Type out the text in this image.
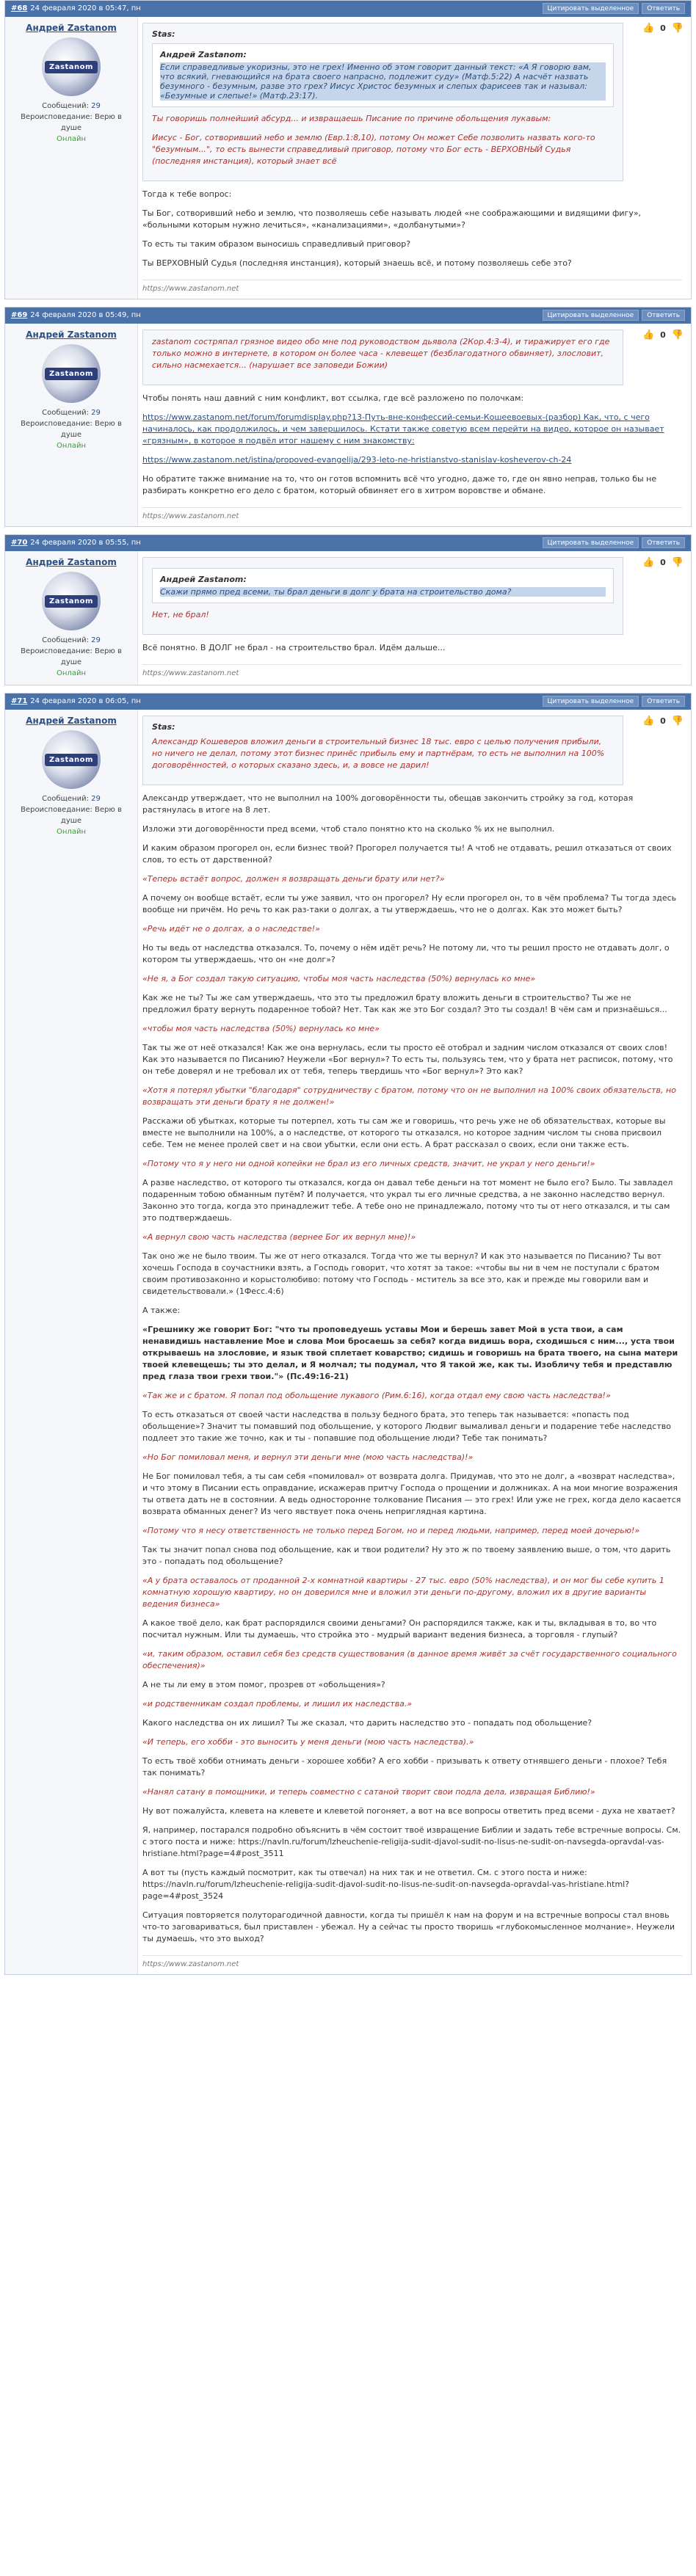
#68 24 февраля 2020 в 05:47, пн	Цитировать выделенное	Ответить
Андрей Zastanom
Zastanom
Сообщений: 29
Вероисповедание: Верю в душе
Онлайн
👍 0 👎
Stas:
Андрей Zastanom:
Если справедливые укоризны, это не грех! Именно об этом говорит данный текст: «А Я говорю вам, что всякий, гневающийся на брата своего напрасно, подлежит суду» (Матф.5:22) А насчёт назвать безумного - безумным, разве это грех? Иисус Христос безумных и слепых фарисеев так и называл: «Безумные и слепые!» (Матф.23:17).

Ты говоришь полнейший абсурд... и извращаешь Писание по причине обольщения лукавым:

Иисус - Бог, сотворивший небо и землю (Евр.1:8,10), потому Он может Себе позволить назвать кого-то "безумным...", то есть вынести справедливый приговор, потому что Бог есть - ВЕРХОВНЫЙ Судья (последняя инстанция), который знает всё

Тогда к тебе вопрос:

Ты Бог, сотворивший небо и землю, что позволяешь себе называть людей «не соображающими и видящими фигу», «больными которым нужно лечиться», «канализациями», «долбанутыми»?

То есть ты таким образом выносишь справедливый приговор?

Ты ВЕРХОВНЫЙ Судья (последняя инстанция), который знаешь всё, и потому позволяешь себе это?

https://www.zastanom.net
#69 24 февраля 2020 в 05:49, пн	Цитировать выделенное	Ответить
Андрей Zastanom
Zastanom
Сообщений: 29
Вероисповедание: Верю в душе
Онлайн
👍 0 👎

zastanom состряпал грязное видео обо мне под руководством дьявола (2Кор.4:3-4), и тиражирует его где только можно в интернете, в котором он более часа - клевещет (безблагодатного обвиняет), злословит, сильно насмехается... (нарушает все заповеди Божии)

Чтобы понять наш давний с ним конфликт, вот ссылка, где всё разложено по полочкам:

https://www.zastanom.net/forum/forumdisplay.php?13-Путь-вне-конфессий-семьи-Кошеевоевых-(разбор) Как, что, с чего начиналось, как продолжилось, и чем завершилось. Кстати также советую всем перейти на видео, которое он называет «грязным», в которое я подвёл итог нашему с ним знакомству:

https://www.zastanom.net/istina/propoved-evangelija/293-leto-ne-hristianstvo-stanislav-kosheverov-ch-24

Но обратите также внимание на то, что он готов вспомнить всё что угодно, даже то, где он явно неправ, только бы не разбирать конкретно его дело с братом, который обвиняет его в хитром воровстве и обмане.

https://www.zastanom.net
#70 24 февраля 2020 в 05:55, пн	Цитировать выделенное	Ответить
Андрей Zastanom
Zastanom
Сообщений: 29
Вероисповедание: Верю в душе
Онлайн
👍 0 👎
Андрей Zastanom:
Скажи прямо пред всеми, ты брал деньги в долг у брата на строительство дома?

Нет, не брал!

Всё понятно. В ДОЛГ не брал - на строительство брал. Идём дальше...

https://www.zastanom.net
#71 24 февраля 2020 в 06:05, пн	Цитировать выделенное	Ответить
Андрей Zastanom
Zastanom
Сообщений: 29
Вероисповедание: Верю в душе
Онлайн
👍 0 👎
Stas:

Александр Кошеверов вложил деньги в строительный бизнес 18 тыс. евро с целью получения прибыли, но ничего не делал, потому этот бизнес принёс прибыль ему и партнёрам, то есть не выполнил на 100% договорённостей, о которых сказано здесь, и, а вовсе не дарил!

Александр утверждает, что не выполнил на 100% договорённости ты, обещав закончить стройку за год, которая растянулась в итоге на 8 лет.

Изложи эти договорённости пред всеми, чтоб стало понятно кто на сколько % их не выполнил.

И каким образом прогорел он, если бизнес твой? Прогорел получается ты! А чтоб не отдавать, решил отказаться от своих слов, то есть от дарственной?

«Теперь встаёт вопрос, должен я возвращать деньги брату или нет?»

А почему он вообще встаёт, если ты уже заявил, что он прогорел? Ну если прогорел он, то в чём проблема? Ты тогда здесь вообще ни причём. Но речь то как раз-таки о долгах, а ты утверждаешь, что не о долгах. Как это может быть?

«Речь идёт не о долгах, а о наследстве!»

Но ты ведь от наследства отказался. То, почему о нём идёт речь? Не потому ли, что ты решил просто не отдавать долг, о котором ты утверждаешь, что он «не долг»?

«Не я, а Бог создал такую ситуацию, чтобы моя часть наследства (50%) вернулась ко мне»

Как же не ты? Ты же сам утверждаешь, что это ты предложил брату вложить деньги в строительство? Ты же не предложил брату вернуть подаренное тобой? Нет. Так как же это Бог создал? Это ты создал! В чём сам и признаёшься...

«чтобы моя часть наследства (50%) вернулась ко мне»

Так ты же от неё отказался! Как же она вернулась, если ты просто её отобрал и задним числом отказался от своих слов! Как это называется по Писанию? Неужели «Бог вернул»? То есть ты, пользуясь тем, что у брата нет расписок, потому, что он тебе доверял и не требовал их от тебя, теперь твердишь что «Бог вернул»? Это как?

«Хотя я потерял убытки "благодаря" сотрудничеству с братом, потому что он не выполнил на 100% своих обязательств, но возвращать эти деньги брату я не должен!»

Расскажи об убытках, которые ты потерпел, хоть ты сам же и говоришь, что речь уже не об обязательствах, которые вы вместе не выполнили на 100%, а о наследстве, от которого ты отказался, но которое задним числом ты снова присвоил себе. Тем не менее пролей свет и на свои убытки, если они есть. А брат рассказал о своих, если они также есть.

«Потому что я у него ни одной копейки не брал из его личных средств, значит, не украл у него деньги!»

А разве наследство, от которого ты отказался, когда он давал тебе деньги на тот момент не было его? Было. Ты завладел подаренным тобою обманным путём? И получается, что украл ты его личные средства, а не законно наследство вернул. Законно это тогда, когда это принадлежит тебе. А тебе оно не принадлежало, потому что ты от него отказался, и ты сам это подтверждаешь.

«А вернул свою часть наследства (вернее Бог их вернул мне)!»

Так оно же не было твоим. Ты же от него отказался. Тогда что же ты вернул? И как это называется по Писанию? Ты вот хочешь Господа в соучастники взять, а Господь говорит, что хотят за такое: «чтобы вы ни в чем не поступали с братом своим противозаконно и корыстолюбиво: потому что Господь - мститель за все это, как и прежде мы говорили вам и свидетельствовали.» (1Фесс.4:6)

А также:

«Грешнику же говорит Бог: "что ты проповедуешь уставы Мои и берешь завет Мой в уста твои, а сам ненавидишь наставление Мое и слова Мои бросаешь за себя? когда видишь вора, сходишься с ним..., уста твои открываешь на злословие, и язык твой сплетает коварство; сидишь и говоришь на брата твоего, на сына матери твоей клевещешь; ты это делал, и Я молчал; ты подумал, что Я такой же, как ты. Изобличу тебя и представлю пред глаза твои грехи твои."» (Пс.49:16-21)

«Так же и с братом. Я попал под обольщение лукавого (Рим.6:16), когда отдал ему свою часть наследства!»

То есть отказаться от своей части наследства в пользу бедного брата, это теперь так называется: «попасть под обольщение»? Значит ты помавший под обольщение, у которого Людвиг вымаливал деньги и подарение тебе наследство подлеет это такие же точно, как и ты - попавшие под обольщение люди? Тебе так понимать?

«Но Бог помиловал меня, и вернул эти деньги мне (мою часть наследства)!»

Не Бог помиловал тебя, а ты сам себя «помиловал» от возврата долга. Придумав, что это не долг, а «возврат наследства», и что этому в Писании есть оправдание, искажерав притчу Господа о прощении и должниках. А на мои многие возражения ты ответа дать не в состоянии. А ведь односторонне толкование Писания — это грех! Или уже не грех, когда дело касается возврата обманных денег? Из чего явствует пока очень неприглядная картина.

«Потому что я несу ответственность не только перед Богом, но и перед людьми, например, перед моей дочерью!»

Так ты значит попал снова под обольщение, как и твои родители? Ну это ж по твоему заявлению выше, о том, что дарить это - попадать под обольщение?

«А у брата оставалось от проданной 2-х комнатной квартиры - 27 тыс. евро (50% наследства), и он мог бы себе купить 1 комнатную хорошую квартиру, но он доверился мне и вложил эти деньги по-другому, вложил их в другие варианты ведения бизнеса»

А какое твоё дело, как брат распорядился своими деньгами? Он распорядился также, как и ты, вкладывая в то, во что посчитал нужным. Или ты думаешь, что стройка это - мудрый вариант ведения бизнеса, а торговля - глупый?

«и, таким образом, оставил себя без средств существования (в данное время живёт за счёт государственного социального обеспечения)»

А не ты ли ему в этом помог, прозрев от «обольщения»?

«и родственникам создал проблемы, и лишил их наследства.»

Какого наследства он их лишил? Ты же сказал, что дарить наследство это - попадать под обольщение?

«И теперь, его хобби - это выносить у меня деньги (мою часть наследства).»

То есть твоё хобби отнимать деньги - хорошее хобби? А его хобби - призывать к ответу отнявшего деньги - плохое? Тебя так понимать?

«Нанял сатану в помощники, и теперь совместно с сатаной творит свои подла дела, извращая Библию!»

Ну вот пожалуйста, клевета на клевете и клеветой погоняет, а вот на все вопросы ответить пред всеми - духа не хватает?

Я, например, постарался подробно объяснить в чём состоит твоё извращение Библии и задать тебе встречные вопросы. См. с этого поста и ниже: https://navln.ru/forum/lzheuchenie-religija-sudit-djavol-sudit-no-lisus-ne-sudit-on-navsegda-opravdal-vas-hristiane.html?page=4#post_3511

А вот ты (пусть каждый посмотрит, как ты отвечал) на них так и не ответил. См. с этого поста и ниже: https://navln.ru/forum/lzheuchenie-religija-sudit-djavol-sudit-no-lisus-ne-sudit-on-navsegda-opravdal-vas-hristiane.html?page=4#post_3524

Ситуация повторяется полуторагодичной давности, когда ты пришёл к нам на форум и на встречные вопросы стал вновь что-то заговариваться, был приставлен - убежал. Ну а сейчас ты просто творишь «глубокомысленное молчание». Неужели ты думаешь, что это выход?

https://www.zastanom.net
